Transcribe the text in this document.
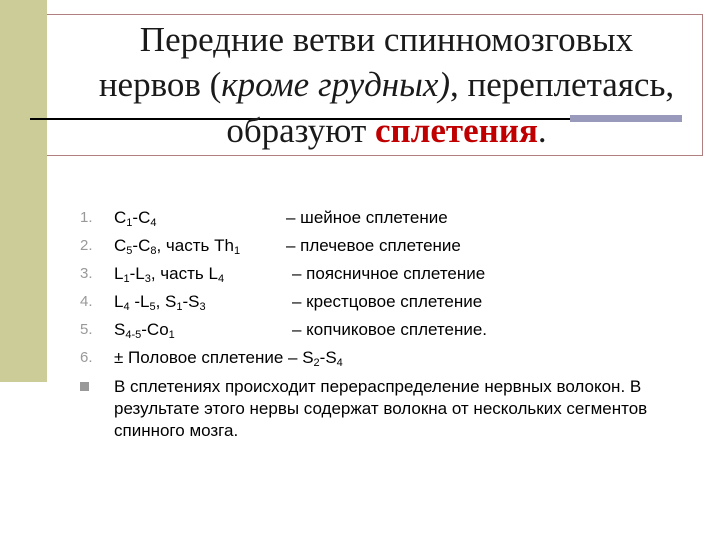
Передние ветви спинномозговых
нервов (кроме грудных), переплетаясь,
образуют сплетения.
1.	$C_1-C_4$	– шейное сплетение
2.	$C_5-C_8$, часть $Th_1$	– плечевое сплетение
3.	$L_1-L_3$, часть $L_4$	– поясничное сплетение
4.	$L_4$ $-L_5$, $S_1-S_3$	– крестцовое сплетение
5.	$S_{4-5}-Co_1$	– копчиковое сплетение.
6.	± Половое сплетение – $S_2-S_4$
В сплетениях происходит перераспределение нервных волокон. В результате этого нервы содержат волокна от нескольких сегментов спинного мозга.
